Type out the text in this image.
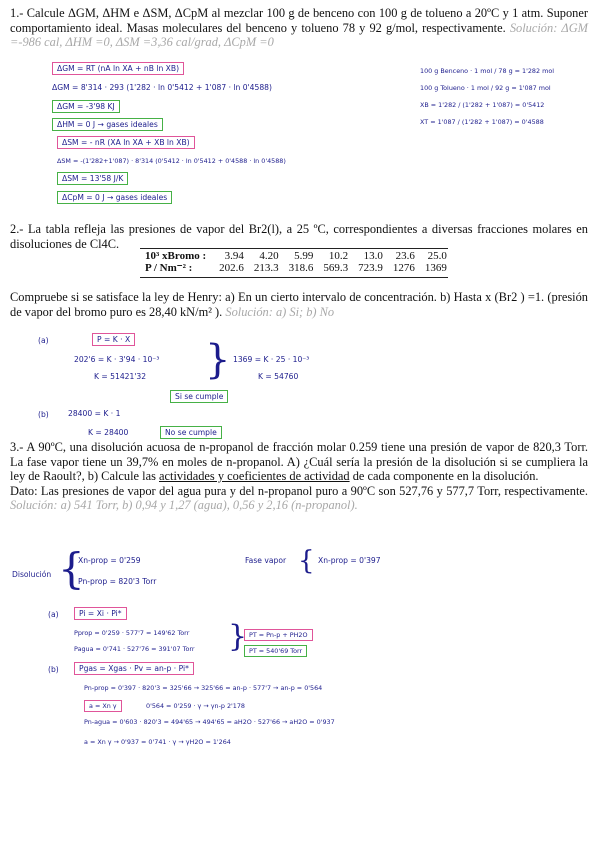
1.- Calcule ΔGM, ΔHM e ΔSM, ΔCpM al mezclar 100 g de benceno con 100 g de tolueno a 20ºC y 1 atm. Suponer comportamiento ideal. Masas moleculares del benceno y tolueno 78 y 92 g/mol, respectivamente. Solución: ΔGM =-986 cal, ΔHM =0, ΔSM =3,36 cal/grad, ΔCpM =0
ΔGM = RT (nA ln XA + nB ln XB)
ΔGM = 8'314 · 293 (1'282 · ln 0'5412 + 1'087 · ln 0'4588)
ΔGM = -3'98 KJ
ΔHM = 0 J → gases ideales
ΔSM = - nR (XA ln XA + XB ln XB)
ΔSM = -(1'282+1'087) · 8'314 (0'5412 · ln 0'5412 + 0'4588 · ln 0'4588)
ΔSM = 13'58 J/K
ΔCpM = 0 J → gases ideales
100 g Benceno · 1 mol / 78 g = 1'282 mol
100 g Tolueno · 1 mol / 92 g = 1'087 mol
XB = 1'282 / (1'282 + 1'087) = 0'5412
XT = 1'087 / (1'282 + 1'087) = 0'4588
2.- La tabla refleja las presiones de vapor del Br2(l), a 25 ºC, correspondientes a diversas fracciones molares en disoluciones de Cl4C.
10³ xBromo :	3.94	4.20	5.99	10.2	13.0	23.6	25.0
P / Nm⁻² :	202.6	213.3	318.6	569.3	723.9	1276	1369
Compruebe si se satisface la ley de Henry: a) En un cierto intervalo de concentración. b) Hasta x (Br2 ) =1. (presión de vapor del bromo puro es 28,40 kN/m² ). Solución: a) Si; b) No
(a)	P = K · X
202'6 = K · 3'94 · 10⁻³	1369 = K · 25 · 10⁻³
}
K = 51421'32	K = 54760
Si se cumple
(b)	28400 = K · 1
K = 28400	No se cumple
3.- A 90ºC, una disolución acuosa de n-propanol de fracción molar 0.259 tiene una presión de vapor de 820,3 Torr. La fase vapor tiene un 39,7% en moles de n-propanol. A) ¿Cuál sería la presión de la disolución si se cumpliera la ley de Raoult?, b) Calcule las actividades y coeficientes de actividad de cada componente en la disolución.
Dato: Las presiones de vapor del agua pura y del n-propanol puro a 90ºC son 527,76 y 577,7 Torr, respectivamente. Solución: a) 541 Torr, b) 0,94 y 1,27 (agua), 0,56 y 2,16 (n-propanol).
Disolución {
Xn-prop = 0'259
Pn-prop = 820'3 Torr
Fase vapor { Xn-prop = 0'397
(a)	Pi = Xi · Pi*
Pprop = 0'259 · 577'7 = 149'62 Torr
Pagua = 0'741 · 527'76 = 391'07 Torr } PT = Pn-p + PH2O
PT = 540'69 Torr
(b)	Pgas = Xgas · Pv = an-p · Pi*
Pn-prop = 0'397 · 820'3 = 325'66 → 325'66 = an-p · 577'7 → an-p = 0'564
a = Xn γ	0'564 = 0'259 · γ → γn-p 2'178
Pn-agua = 0'603 · 820'3 = 494'65 → 494'65 = aH2O · 527'66 → aH2O = 0'937
a = Xn γ → 0'937 = 0'741 · γ → γH2O = 1'264
